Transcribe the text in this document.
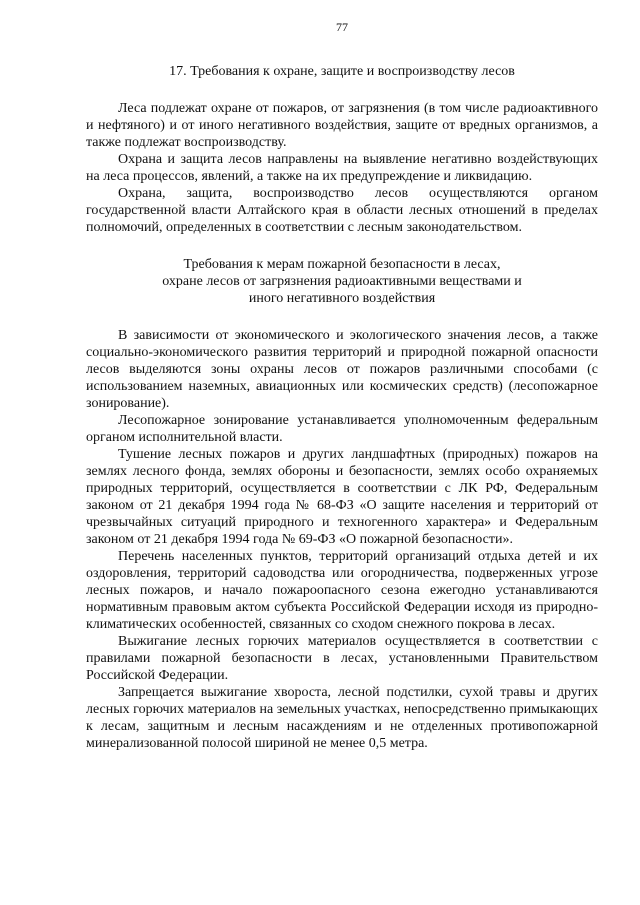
77
17. Требования к охране, защите и воспроизводству лесов

Леса подлежат охране от пожаров, от загрязнения (в том числе радиоактивного и нефтяного) и от иного негативного воздействия, защите от вредных организмов, а также подлежат воспроизводству.

Охрана и защита лесов направлены на выявление негативно воздействующих на леса процессов, явлений, а также на их предупреждение и ликвидацию.

Охрана, защита, воспроизводство лесов осуществляются органом государственной власти Алтайского края в области лесных отношений в пределах полномочий, определенных в соответствии с лесным законодательством.

Требования к мерам пожарной безопасности в лесах,
охране лесов от загрязнения радиоактивными веществами и
иного негативного воздействия

В зависимости от экономического и экологического значения лесов, а также социально-экономического развития территорий и природной пожарной опасности лесов выделяются зоны охраны лесов от пожаров различными способами (с использованием наземных, авиационных или космических средств) (лесопожарное зонирование).

Лесопожарное зонирование устанавливается уполномоченным федеральным органом исполнительной власти.

Тушение лесных пожаров и других ландшафтных (природных) пожаров на землях лесного фонда, землях обороны и безопасности, землях особо охраняемых природных территорий, осуществляется в соответствии с ЛК РФ, Федеральным законом от 21 декабря 1994 года № 68-ФЗ «О защите населения и территорий от чрезвычайных ситуаций природного и техногенного характера» и Федеральным законом от 21 декабря 1994 года № 69-ФЗ «О пожарной безопасности».

Перечень населенных пунктов, территорий организаций отдыха детей и их оздоровления, территорий садоводства или огородничества, подверженных угрозе лесных пожаров, и начало пожароопасного сезона ежегодно устанавливаются нормативным правовым актом субъекта Российской Федерации исходя из природно-климатических особенностей, связанных со сходом снежного покрова в лесах.

Выжигание лесных горючих материалов осуществляется в соответствии с правилами пожарной безопасности в лесах, установленными Правительством Российской Федерации.

Запрещается выжигание хвороста, лесной подстилки, сухой травы и других лесных горючих материалов на земельных участках, непосредственно примыкающих к лесам, защитным и лесным насаждениям и не отделенных противопожарной минерализованной полосой шириной не менее 0,5 метра.
